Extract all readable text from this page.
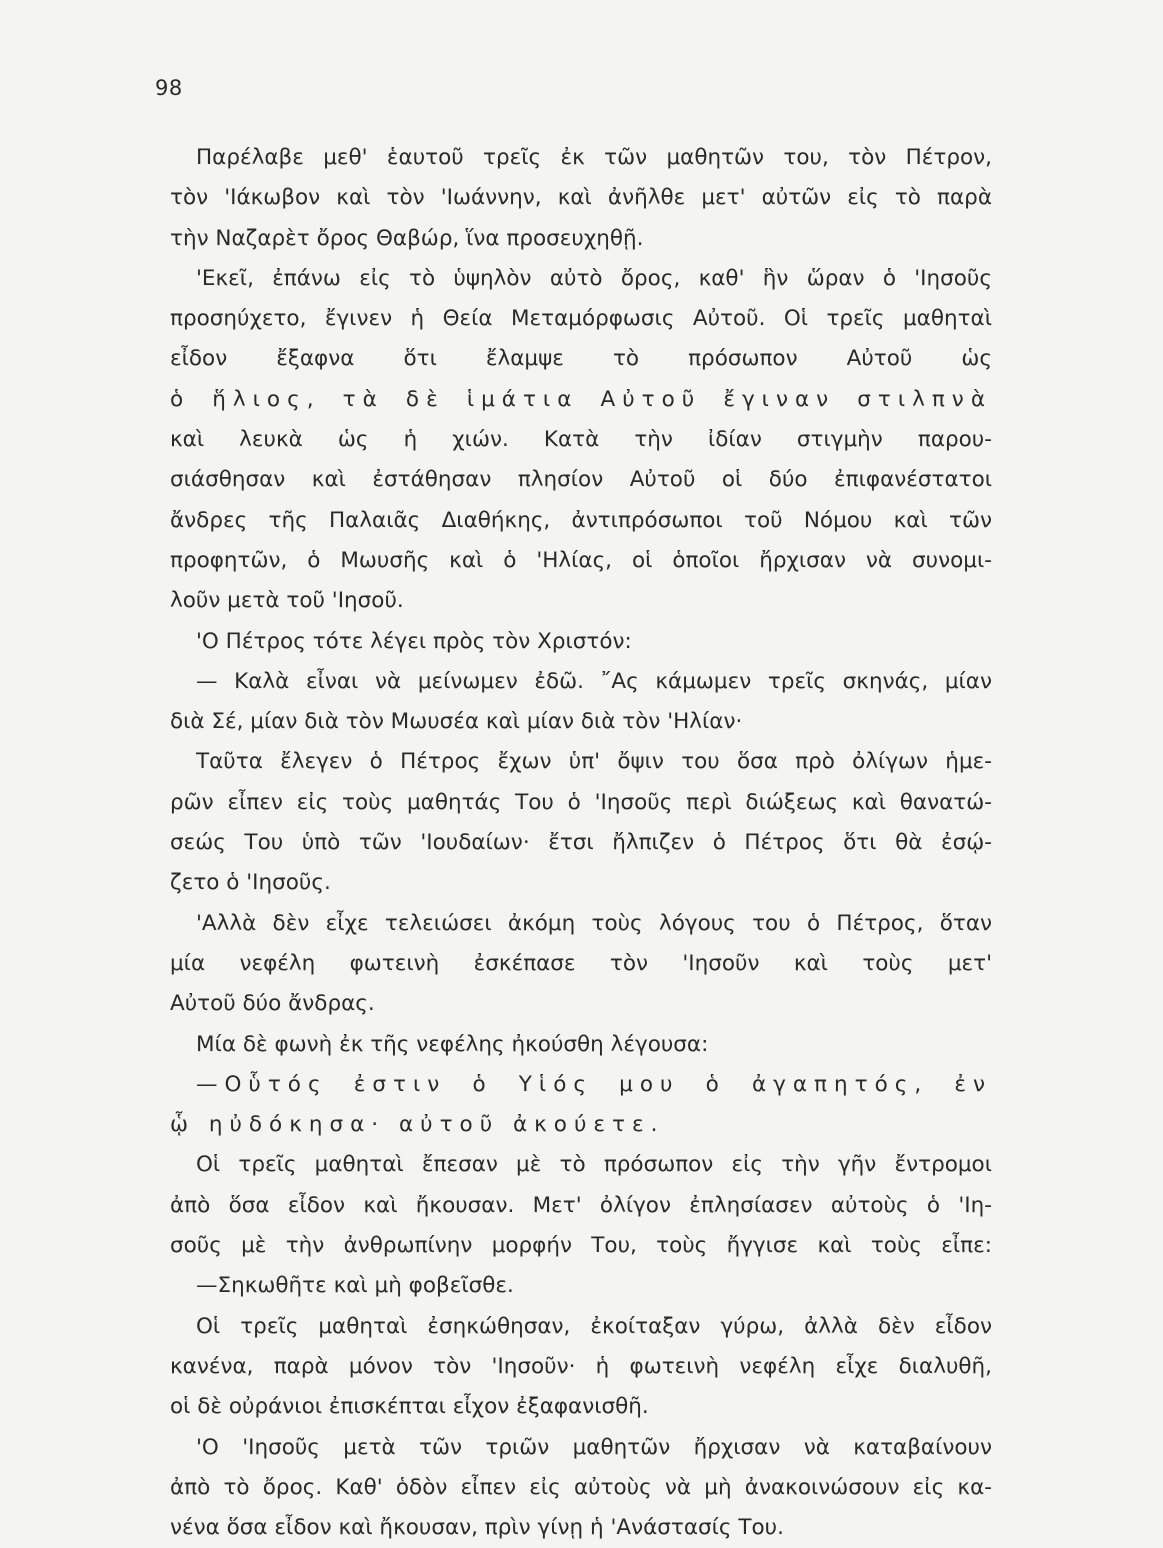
98
Παρέλαβε μεθ' ἑαυτοῦ τρεῖς ἐκ τῶν μαθητῶν του, τὸν Πέτρον,
τὸν 'Ιάκωβον καὶ τὸν 'Ιωάννην, καὶ ἀνῆλθε μετ' αὐτῶν εἰς τὸ παρὰ
τὴν Ναζαρὲτ ὄρος Θαβώρ, ἵνα προσευχηθῇ.
'Εκεῖ, ἐπάνω εἰς τὸ ὑψηλὸν αὐτὸ ὄρος, καθ' ἣν ὥραν ὁ 'Ιησοῦς
προσηύχετο, ἔγινεν ἡ Θεία Μεταμόρφωσις Αὐτοῦ. Οἱ τρεῖς μαθηταὶ
εἶδον ἔξαφνα ὅτι ἔλαμψε τὸ πρόσωπον Αὐτοῦ ὡς
ὁ ἥλιος, τὰ δὲ ἱμάτια Αὐτοῦ ἔγιναν στιλπνὰ
καὶ λευκὰ ὡς ἡ χιών. Κατὰ τὴν ἰδίαν στιγμὴν παρου-
σιάσθησαν καὶ ἐστάθησαν πλησίον Αὐτοῦ οἱ δύο ἐπιφανέστατοι
ἄνδρες τῆς Παλαιᾶς Διαθήκης, ἀντιπρόσωποι τοῦ Νόμου καὶ τῶν
προφητῶν, ὁ Μωυσῆς καὶ ὁ 'Ηλίας, οἱ ὁποῖοι ἤρχισαν νὰ συνομι-
λοῦν μετὰ τοῦ 'Ιησοῦ.
'Ο Πέτρος τότε λέγει πρὸς τὸν Χριστόν:
— Καλὰ εἶναι νὰ μείνωμεν ἐδῶ. ῎Ας κάμωμεν τρεῖς σκηνάς, μίαν
διὰ Σέ, μίαν διὰ τὸν Μωυσέα καὶ μίαν διὰ τὸν 'Ηλίαν·
Ταῦτα ἔλεγεν ὁ Πέτρος ἔχων ὑπ' ὄψιν του ὅσα πρὸ ὀλίγων ἡμε-
ρῶν εἶπεν εἰς τοὺς μαθητάς Του ὁ 'Ιησοῦς περὶ διώξεως καὶ θανατώ-
σεώς Του ὑπὸ τῶν 'Ιουδαίων· ἔτσι ἤλπιζεν ὁ Πέτρος ὅτι θὰ ἐσῴ-
ζετο ὁ 'Ιησοῦς.
'Αλλὰ δὲν εἶχε τελειώσει ἀκόμη τοὺς λόγους του ὁ Πέτρος, ὅταν
μία νεφέλη φωτεινὴ ἐσκέπασε τὸν 'Ιησοῦν καὶ τοὺς μετ'
Αὐτοῦ δύο ἄνδρας.
Μία δὲ φωνὴ ἐκ τῆς νεφέλης ἠκούσθη λέγουσα:
—Οὗτός ἐστιν ὁ Υἱός μου ὁ ἀγαπητός, ἐν
ᾧ ηὐδόκησα· αὐτοῦ ἀκούετε.
Οἱ τρεῖς μαθηταὶ ἔπεσαν μὲ τὸ πρόσωπον εἰς τὴν γῆν ἔντρομοι
ἀπὸ ὅσα εἶδον καὶ ἤκουσαν. Μετ' ὀλίγον ἐπλησίασεν αὐτοὺς ὁ 'Ιη-
σοῦς μὲ τὴν ἀνθρωπίνην μορφήν Του, τοὺς ἤγγισε καὶ τοὺς εἶπε:
—Σηκωθῆτε καὶ μὴ φοβεῖσθε.
Οἱ τρεῖς μαθηταὶ ἐσηκώθησαν, ἐκοίταξαν γύρω, ἀλλὰ δὲν εἶδον
κανένα, παρὰ μόνον τὸν 'Ιησοῦν· ἡ φωτεινὴ νεφέλη εἶχε διαλυθῆ,
οἱ δὲ οὐράνιοι ἐπισκέπται εἶχον ἐξαφανισθῆ.
'Ο 'Ιησοῦς μετὰ τῶν τριῶν μαθητῶν ἤρχισαν νὰ καταβαίνουν
ἀπὸ τὸ ὄρος. Καθ' ὁδὸν εἶπεν εἰς αὐτοὺς νὰ μὴ ἀνακοινώσουν εἰς κα-
νένα ὅσα εἶδον καὶ ἤκουσαν, πρὶν γίνῃ ἡ 'Ανάστασίς Του.
